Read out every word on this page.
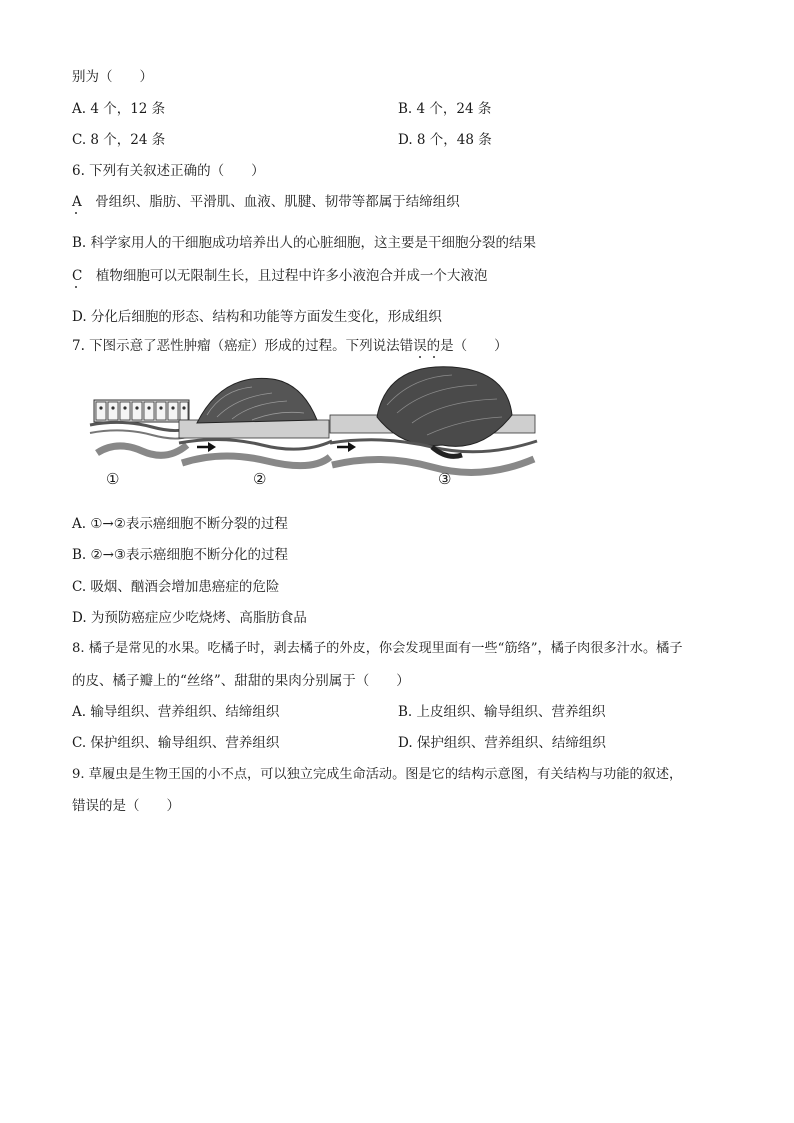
别为（　　）
A. 4 个，12 条	B. 4 个，24 条
C. 8 个，24 条	D. 8 个，48 条
6. 下列有关叙述正确的（　　）
A　骨组织、脂肪、平滑肌、血液、肌腱、韧带等都属于结缔组织
B. 科学家用人的干细胞成功培养出人的心脏细胞，这主要是干细胞分裂的结果
C　植物细胞可以无限制生长，且过程中许多小液泡合并成一个大液泡
D. 分化后细胞的形态、结构和功能等方面发生变化，形成组织
7. 下图示意了恶性肿瘤（癌症）形成的过程。下列说法错误的是（　　）
①	②	③
A. ①→②表示癌细胞不断分裂的过程
B. ②→③表示癌细胞不断分化的过程
C. 吸烟、酗酒会增加患癌症的危险
D. 为预防癌症应少吃烧烤、高脂肪食品
8. 橘子是常见的水果。吃橘子时，剥去橘子的外皮，你会发现里面有一些“筋络”，橘子肉很多汁水。橘子
的皮、橘子瓣上的“丝络”、甜甜的果肉分别属于（　　）
A. 输导组织、营养组织、结缔组织	B. 上皮组织、输导组织、营养组织
C. 保护组织、输导组织、营养组织	D. 保护组织、营养组织、结缔组织
9. 草履虫是生物王国的小不点，可以独立完成生命活动。图是它的结构示意图，有关结构与功能的叙述，
错误的是（　　）
